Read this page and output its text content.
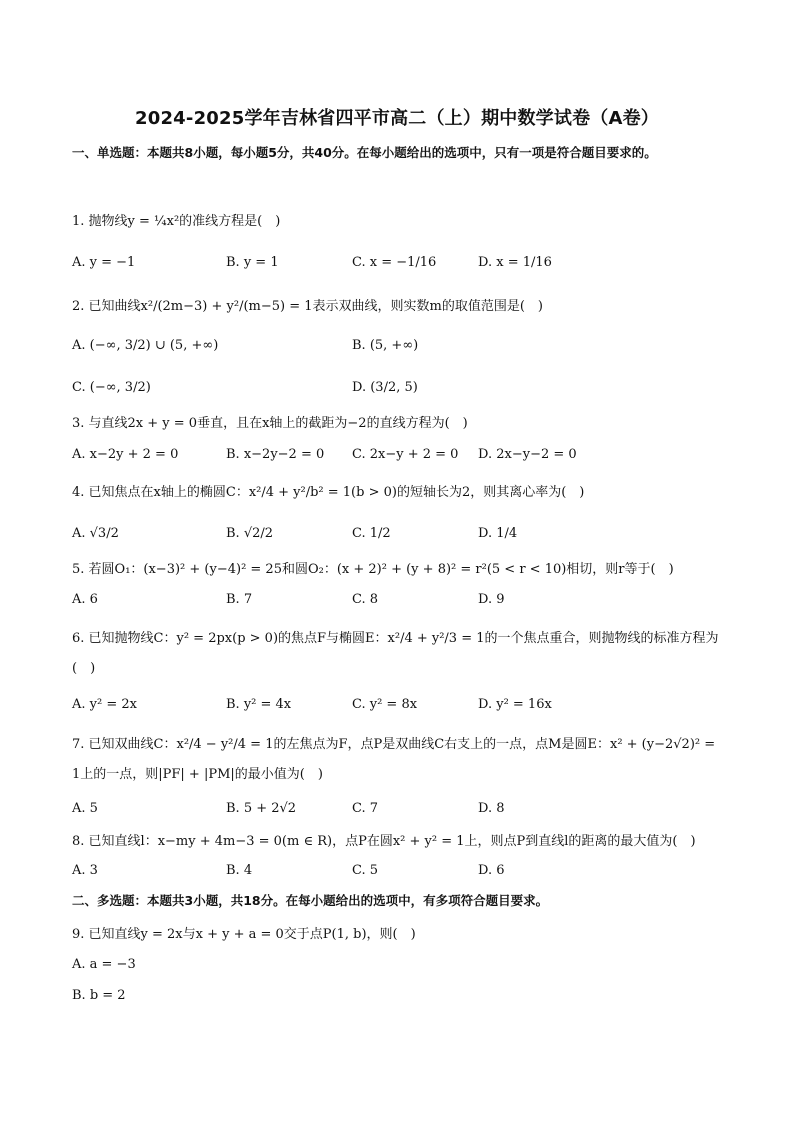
2024-2025学年吉林省四平市高二（上）期中数学试卷（A卷）
一、单选题：本题共8小题，每小题5分，共40分。在每小题给出的选项中，只有一项是符合题目要求的。
1. 抛物线y = ¼x²的准线方程是(　)
A. y = −1	B. y = 1	C. x = −1/16	D. x = 1/16
2. 已知曲线x²/(2m−3) + y²/(m−5) = 1表示双曲线，则实数m的取值范围是(　)
A. (−∞, 3/2) ∪ (5, +∞)	B. (5, +∞)
C. (−∞, 3/2)	D. (3/2, 5)
3. 与直线2x + y = 0垂直，且在x轴上的截距为−2的直线方程为(　)
A. x−2y + 2 = 0	B. x−2y−2 = 0 C. 2x−y + 2 = 0 D. 2x−y−2 = 0
4. 已知焦点在x轴上的椭圆C：x²/4 + y²/b² = 1(b > 0)的短轴长为2，则其离心率为(　)
A. √3/2	B. √2/2	C. 1/2	D. 1/4
5. 若圆O₁：(x−3)² + (y−4)² = 25和圆O₂：(x + 2)² + (y + 8)² = r²(5 < r < 10)相切，则r等于(　)
A. 6	B. 7	C. 8	D. 9
6. 已知抛物线C：y² = 2px(p > 0)的焦点F与椭圆E：x²/4 + y²/3 = 1的一个焦点重合，则抛物线的标准方程为(　)
A. y² = 2x	B. y² = 4x	C. y² = 8x	D. y² = 16x
7. 已知双曲线C：x²/4 − y²/4 = 1的左焦点为F，点P是双曲线C右支上的一点，点M是圆E：x² + (y−2√2)² = 1上的一点，则|PF| + |PM|的最小值为(　)
A. 5	B. 5 + 2√2	C. 7	D. 8
8. 已知直线l：x−my + 4m−3 = 0(m ∈ R)，点P在圆x² + y² = 1上，则点P到直线l的距离的最大值为(　)
A. 3	B. 4	C. 5	D. 6
二、多选题：本题共3小题，共18分。在每小题给出的选项中，有多项符合题目要求。
9. 已知直线y = 2x与x + y + a = 0交于点P(1, b)，则(　)
A. a = −3
B. b = 2
